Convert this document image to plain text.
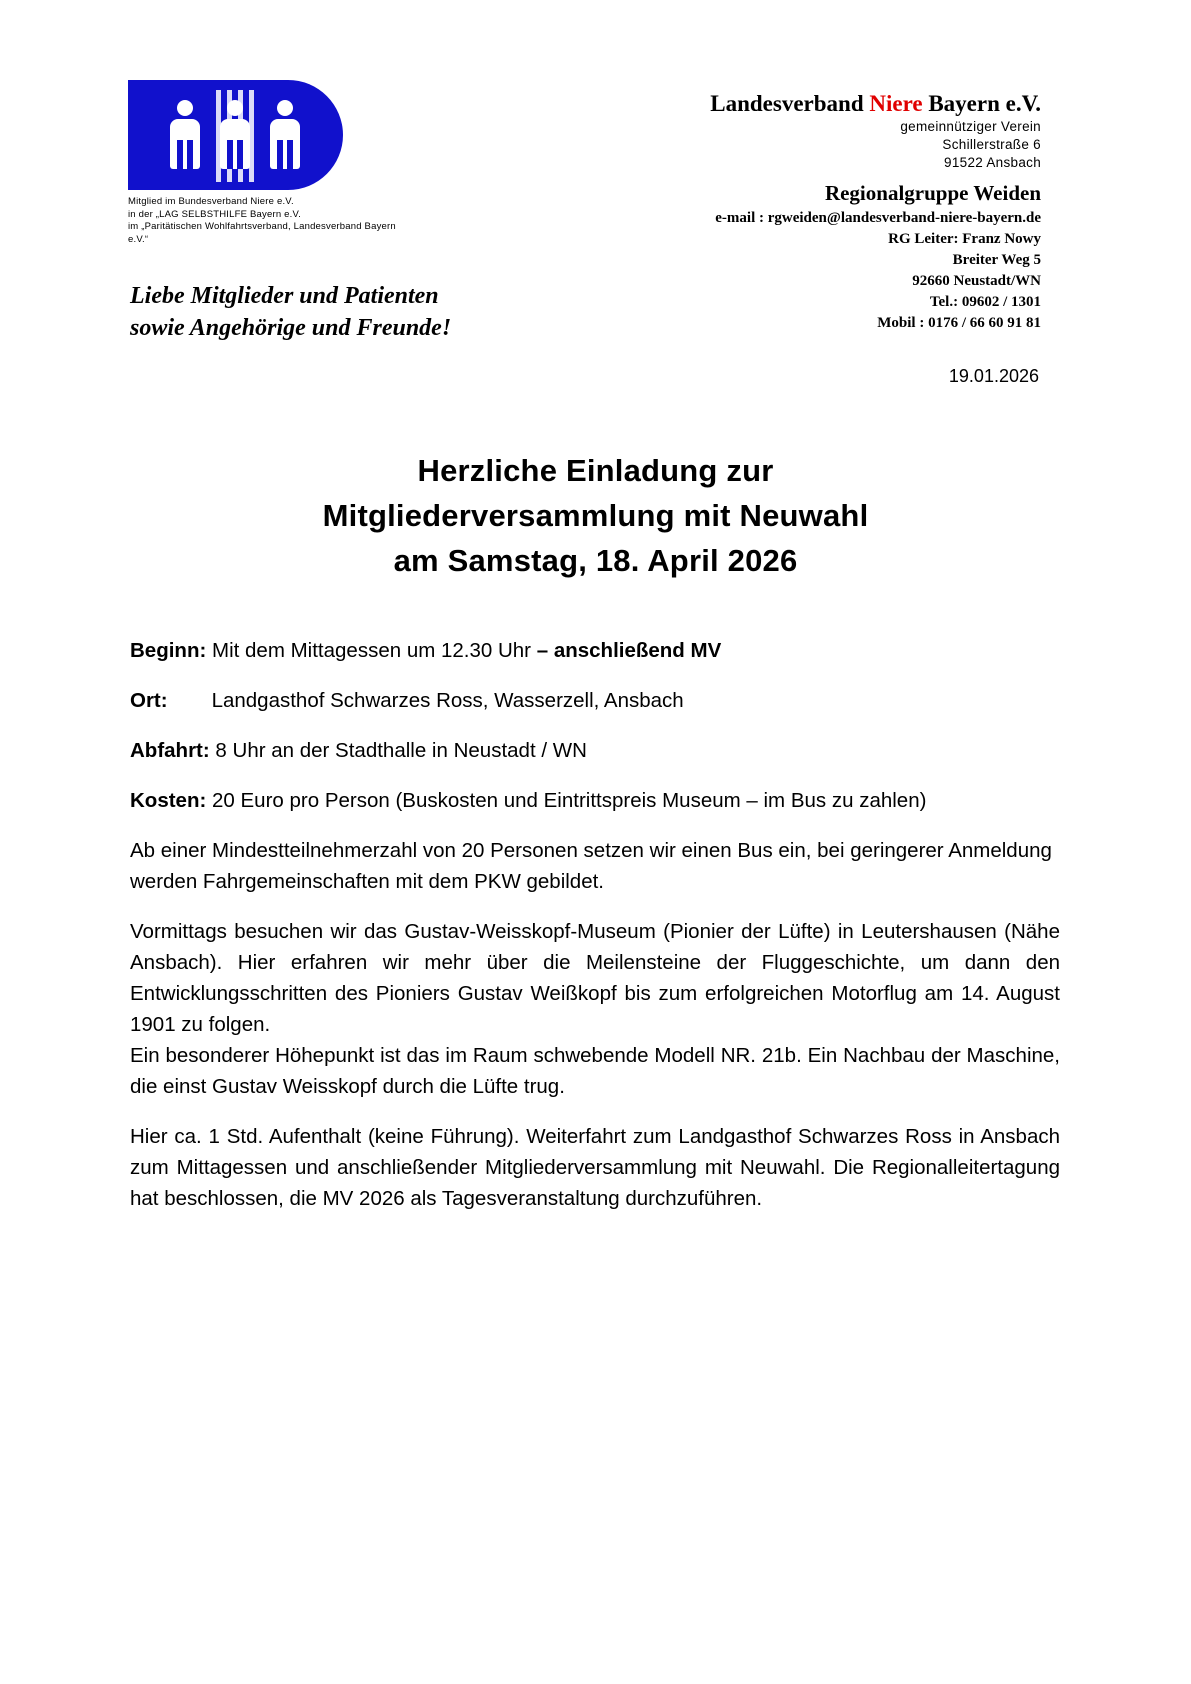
Mitglied im Bundesverband Niere e.V.
in der „LAG SELBSTHILFE Bayern e.V.
im „Paritätischen Wohlfahrtsverband, Landesverband Bayern e.V.“
Landesverband Niere Bayern e.V.
gemeinnütziger Verein
Schillerstraße 6
91522 Ansbach
Regionalgruppe Weiden
e-mail : rgweiden@landesverband-niere-bayern.de
RG Leiter: Franz Nowy
Breiter Weg 5
92660 Neustadt/WN
Tel.: 09602 / 1301
Mobil : 0176 / 66 60 91 81
Liebe Mitglieder und Patienten
sowie Angehörige und Freunde!
19.01.2026
Herzliche Einladung zur
Mitgliederversammlung mit Neuwahl
am Samstag, 18. April 2026

Beginn: Mit dem Mittagessen um 12.30 Uhr – anschließend MV

Ort: Landgasthof Schwarzes Ross, Wasserzell, Ansbach

Abfahrt: 8 Uhr an der Stadthalle in Neustadt / WN

Kosten: 20 Euro pro Person (Buskosten und Eintrittspreis Museum – im Bus zu zahlen)

Ab einer Mindestteilnehmerzahl von 20 Personen setzen wir einen Bus ein, bei geringerer Anmeldung werden Fahrgemeinschaften mit dem PKW gebildet.

Vormittags besuchen wir das Gustav-Weisskopf-Museum (Pionier der Lüfte) in Leutershausen (Nähe Ansbach). Hier erfahren wir mehr über die Meilensteine der Fluggeschichte, um dann den Entwicklungsschritten des Pioniers Gustav Weißkopf bis zum erfolgreichen Motorflug am 14. August 1901 zu folgen.

Ein besonderer Höhepunkt ist das im Raum schwebende Modell NR. 21b. Ein Nachbau der Maschine, die einst Gustav Weisskopf durch die Lüfte trug.

Hier ca. 1 Std. Aufenthalt (keine Führung). Weiterfahrt zum Landgasthof Schwarzes Ross in Ansbach zum Mittagessen und anschließender Mitgliederversammlung mit Neuwahl. Die Regionalleitertagung hat beschlossen, die MV 2026 als Tagesveranstaltung durchzuführen.
